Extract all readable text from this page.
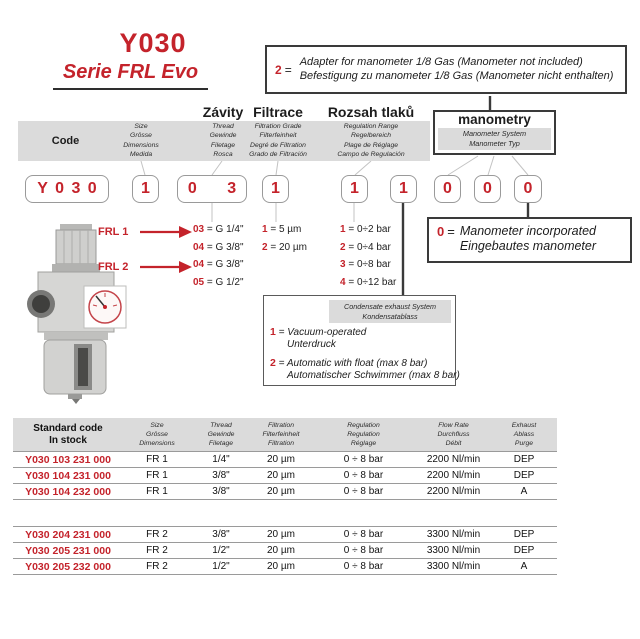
Y030
Serie FRL Evo	2 =
Adapter for manometer 1/8 Gas (Manometer not included)
Befestigung zu manometer 1/8 Gas (Manometer nicht enthalten)
Závity Filtrace	Rozsah tlaků
Code
Size
Grösse
Dimensions
Medida
Thread
Gewinde
Filetage
Rosca
Filtration Grade
Filterfeinheit
Degré de Filtration
Grado de Filtración
Regulation Range
Regelbereich
Plage de Réglage
Campo de Regulación
manometry
Manometer System
Manometer Typ
Y 0 3 0	1	0 3	1	1	1	0	0	0
FRL 1
FRL 2
03 = G 1/4"
04 = G 3/8"
04 = G 3/8"
05 = G 1/2"
1 = 5 µm
2 = 20 µm
1 = 0÷2 bar
2 = 0÷4 bar
3 = 0÷8 bar
4 = 0÷12 bar
0 = Manometer incorporated
Eingebautes manometer
Condensate exhaust System
Kondensatablass
1 = Vacuum-operated
Unterdruck
2 = Automatic with float (max 8 bar)
Automatischer Schwimmer (max 8 bar)
Standard code
In stock
Size
Grösse
Dimensions
Thread
Gewinde
Filetage
Filtration
Filterfeinheit
Filtration
Regulation
Regulation
Réglage
Flow Rate
Durchfluss
Débit
Exhaust
Ablass
Purge
Y030 103 231 000	FR 1	1/4"	20 µm	0 ÷ 8 bar	2200 Nl/min	DEP
Y030 104 231 000	FR 1	3/8"	20 µm	0 ÷ 8 bar	2200 Nl/min	DEP
Y030 104 232 000	FR 1	3/8"	20 µm	0 ÷ 8 bar	2200 Nl/min	A
Y030 204 231 000	FR 2	3/8"	20 µm	0 ÷ 8 bar	3300 Nl/min	DEP
Y030 205 231 000	FR 2	1/2"	20 µm	0 ÷ 8 bar	3300 Nl/min	DEP
Y030 205 232 000	FR 2	1/2"	20 µm	0 ÷ 8 bar	3300 Nl/min	A
